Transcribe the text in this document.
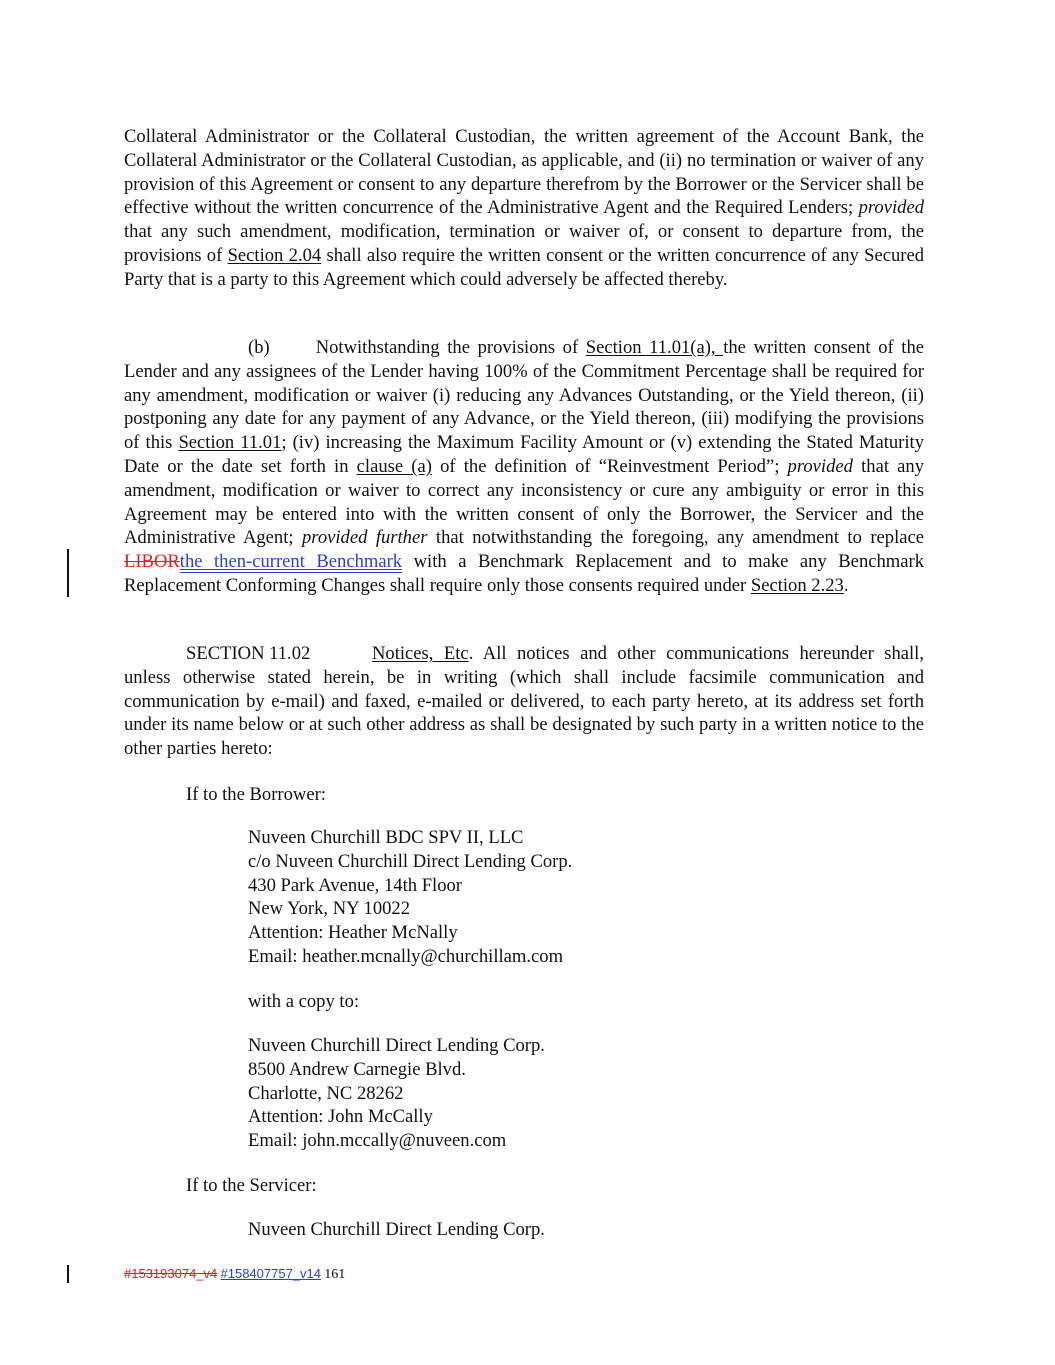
Collateral Administrator or the Collateral Custodian, the written agreement of the Account Bank, the Collateral Administrator or the Collateral Custodian, as applicable, and (ii) no termination or waiver of any provision of this Agreement or consent to any departure therefrom by the Borrower or the Servicer shall be effective without the written concurrence of the Administrative Agent and the Required Lenders; provided that any such amendment, modification, termination or waiver of, or consent to departure from, the provisions of Section 2.04 shall also require the written consent or the written concurrence of any Secured Party that is a party to this Agreement which could adversely be affected thereby.

(b) Notwithstanding the provisions of Section 11.01(a), the written consent of the Lender and any assignees of the Lender having 100% of the Commitment Percentage shall be required for any amendment, modification or waiver (i) reducing any Advances Outstanding, or the Yield thereon, (ii) postponing any date for any payment of any Advance, or the Yield thereon, (iii) modifying the provisions of this Section 11.01; (iv) increasing the Maximum Facility Amount or (v) extending the Stated Maturity Date or the date set forth in clause (a) of the definition of “Reinvestment Period”; provided that any amendment, modification or waiver to correct any inconsistency or cure any ambiguity or error in this Agreement may be entered into with the written consent of only the Borrower, the Servicer and the Administrative Agent; provided further that notwithstanding the foregoing, any amendment to replace LIBORthe then-current Benchmark with a Benchmark Replacement and to make any Benchmark Replacement Conforming Changes shall require only those consents required under Section 2.23.

SECTION 11.02	Notices, Etc. All notices and other communications hereunder shall, unless otherwise stated herein, be in writing (which shall include facsimile communication and communication by e-mail) and faxed, e-mailed or delivered, to each party hereto, at its address set forth under its name below or at such other address as shall be designated by such party in a written notice to the other parties hereto:

If to the Borrower:

Nuveen Churchill BDC SPV II, LLC
c/o Nuveen Churchill Direct Lending Corp.
430 Park Avenue, 14th Floor
New York, NY 10022
Attention: Heather McNally
Email: heather.mcnally@churchillam.com

with a copy to:

Nuveen Churchill Direct Lending Corp.
8500 Andrew Carnegie Blvd.
Charlotte, NC 28262
Attention: John McCally
Email: john.mccally@nuveen.com

If to the Servicer:

Nuveen Churchill Direct Lending Corp.
#153193074_v4 #158407757_v14 161
